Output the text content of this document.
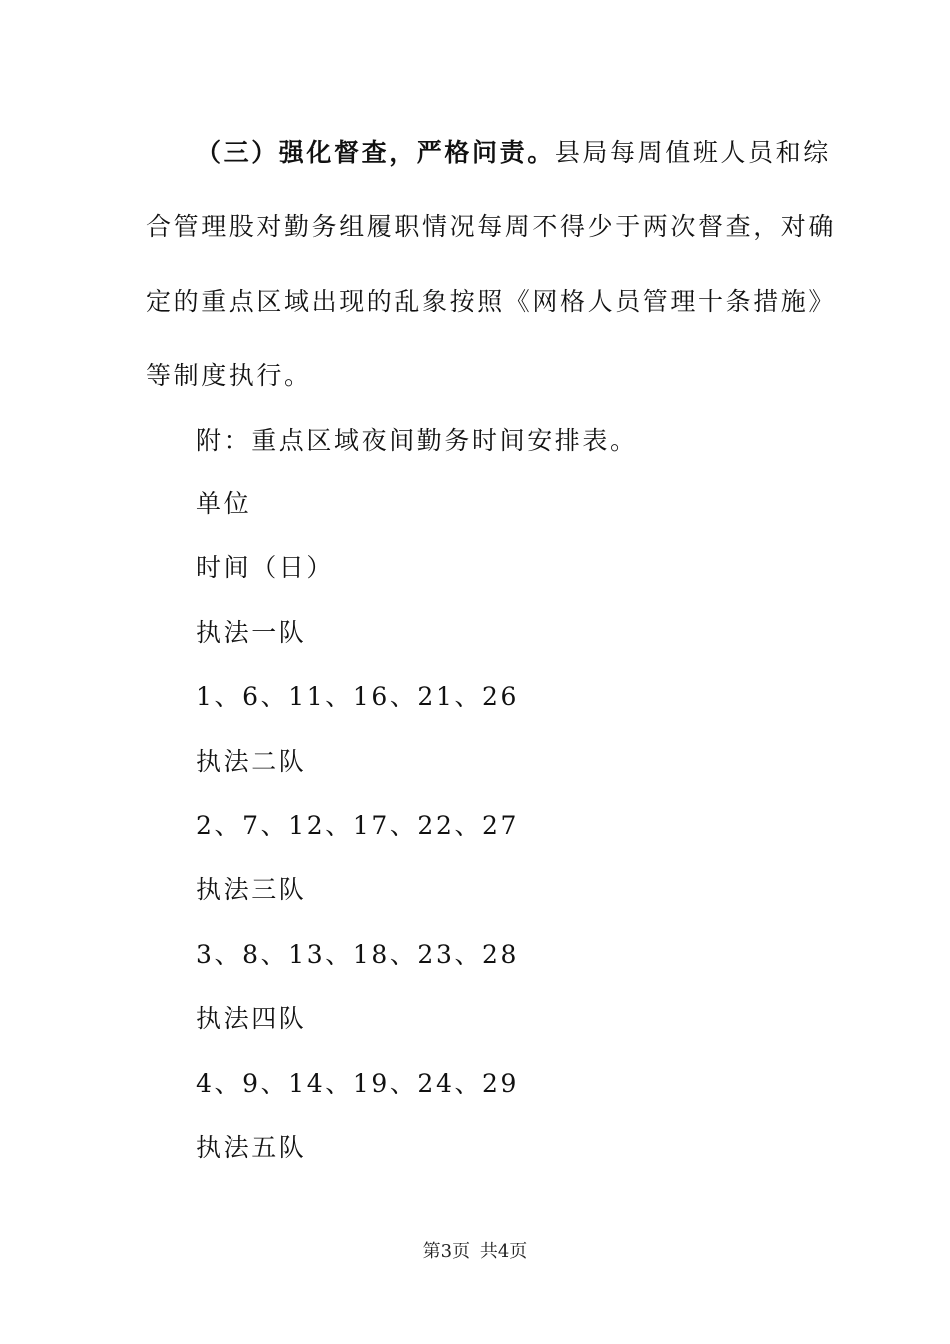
（三）强化督查，严格问责。县局每周值班人员和综
合管理股对勤务组履职情况每周不得少于两次督查，对确
定的重点区域出现的乱象按照《网格人员管理十条措施》
等制度执行。
附：重点区域夜间勤务时间安排表。
单位
时间（日）
执法一队
1、6、11、16、21、26
执法二队
2、7、12、17、22、27
执法三队
3、8、13、18、23、28
执法四队
4、9、14、19、24、29
执法五队
第3页 共4页
